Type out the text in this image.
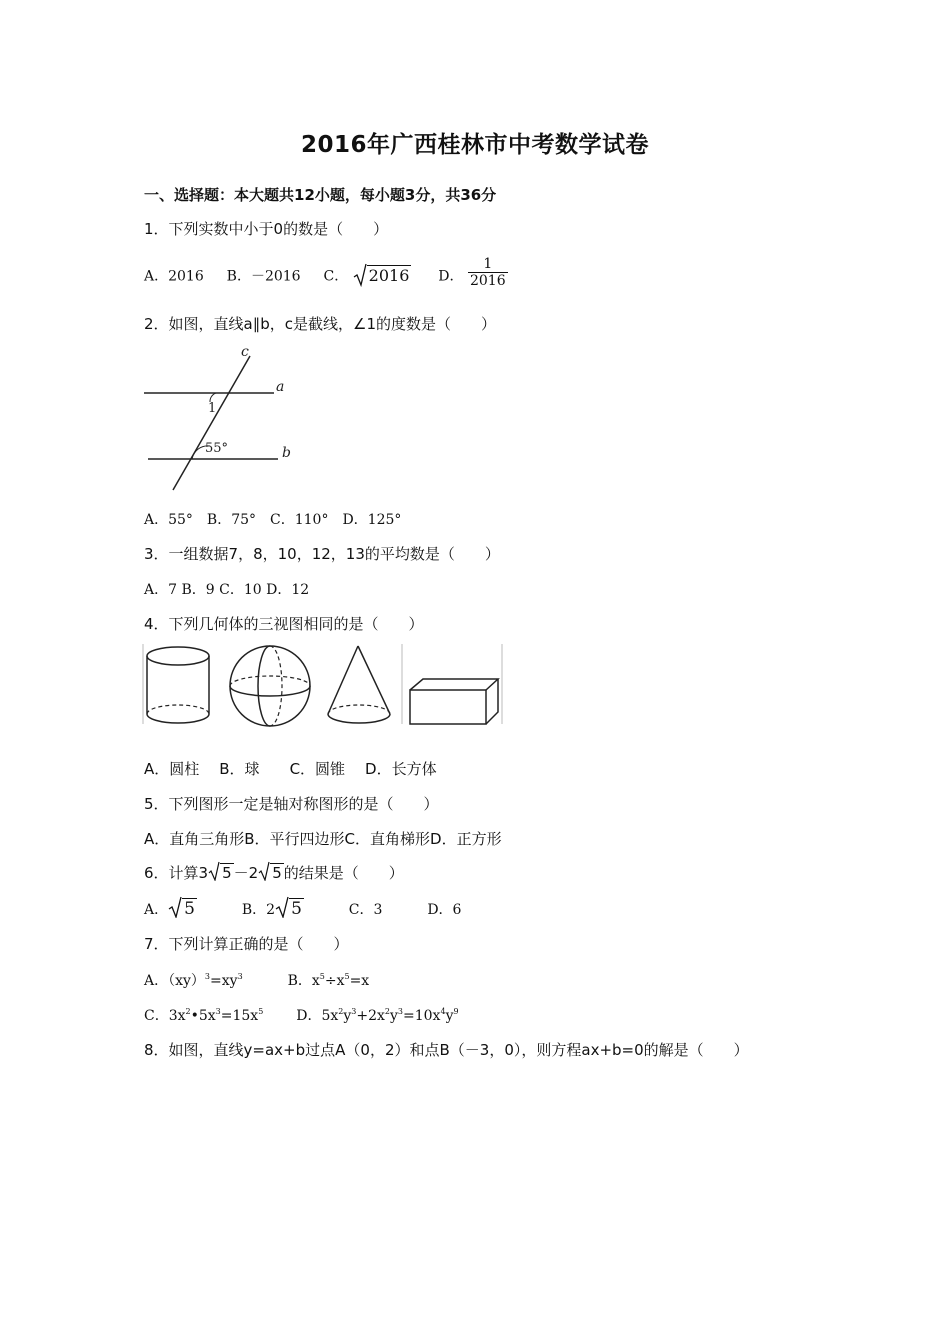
2016年广西桂林市中考数学试卷
一、选择题：本大题共12小题，每小题3分，共36分
1．下列实数中小于0的数是（　　）
A．2016 B．－2016 C． 2016 D． $\frac{1}{2016}$
2．如图，直线a∥b，c是截线，∠1的度数是（　　）
c
a
b
1
55°
A．55°　B．75°　C．110°　D．125°
3．一组数据7，8，10，12，13的平均数是（　　）
A．7 B．9 C．10 D．12
4．下列几何体的三视图相同的是（　　）
A．圆柱 B．球 C．圆锥 D．长方体
5．下列图形一定是轴对称图形的是（　　）
A．直角三角形B．平行四边形C．直角梯形D．正方形
6．计算3 5 －2 5 的结果是（　　）
A． 5	B．2 5	C．3	D．6
7．下列计算正确的是（　　）
A．$(xy)^3=xy^3$	B．$x^5\div x^5=x$
C．$3x^2•5x^3=15x^5$ D．$5x^2y^3+2x^2y^3=10x^4y^9$
8．如图，直线y=ax+b过点A（0，2）和点B（－3，0），则方程ax+b=0的解是（　　）
